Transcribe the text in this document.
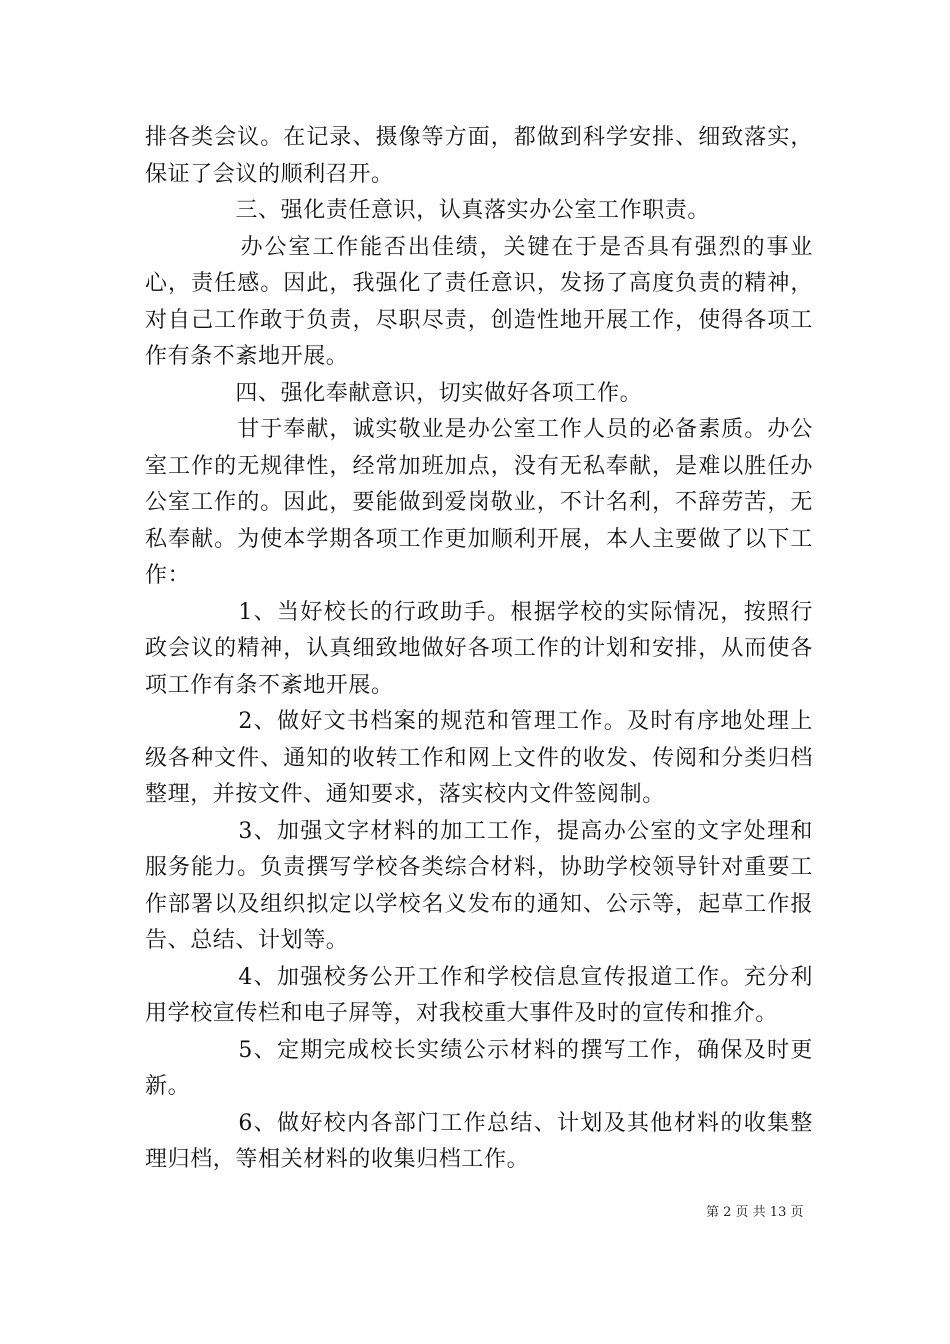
排各类会议。在记录、摄像等方面，都做到科学安排、细致落实，保证了会议的顺利召开。

　　　　三、强化责任意识，认真落实办公室工作职责。

　　　　办公室工作能否出佳绩，关键在于是否具有强烈的事业心，责任感。因此，我强化了责任意识，发扬了高度负责的精神，对自己工作敢于负责，尽职尽责，创造性地开展工作，使得各项工作有条不紊地开展。

　　　　四、强化奉献意识，切实做好各项工作。

　　　　甘于奉献，诚实敬业是办公室工作人员的必备素质。办公室工作的无规律性，经常加班加点，没有无私奉献，是难以胜任办公室工作的。因此，要能做到爱岗敬业，不计名利，不辞劳苦，无私奉献。为使本学期各项工作更加顺利开展，本人主要做了以下工作：

　　　　1、当好校长的行政助手。根据学校的实际情况，按照行政会议的精神，认真细致地做好各项工作的计划和安排，从而使各项工作有条不紊地开展。

　　　　2、做好文书档案的规范和管理工作。及时有序地处理上级各种文件、通知的收转工作和网上文件的收发、传阅和分类归档整理，并按文件、通知要求，落实校内文件签阅制。

　　　　3、加强文字材料的加工工作，提高办公室的文字处理和服务能力。负责撰写学校各类综合材料，协助学校领导针对重要工作部署以及组织拟定以学校名义发布的通知、公示等，起草工作报告、总结、计划等。

　　　　4、加强校务公开工作和学校信息宣传报道工作。充分利用学校宣传栏和电子屏等，对我校重大事件及时的宣传和推介。

　　　　5、定期完成校长实绩公示材料的撰写工作，确保及时更新。

　　　　6、做好校内各部门工作总结、计划及其他材料的收集整理归档，等相关材料的收集归档工作。

第 2 页 共 13 页
